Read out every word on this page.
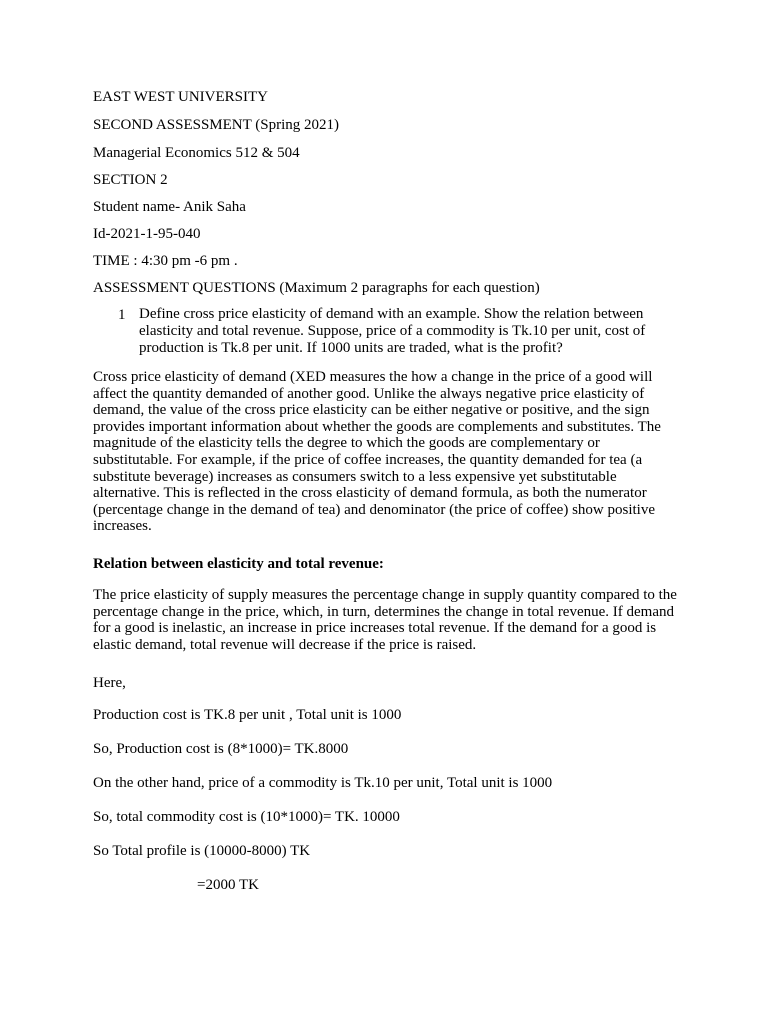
EAST WEST UNIVERSITY
SECOND ASSESSMENT (Spring 2021)
Managerial Economics 512 & 504
SECTION 2
Student name- Anik Saha
Id-2021-1-95-040
TIME : 4:30 pm -6 pm .
ASSESSMENT QUESTIONS (Maximum 2 paragraphs for each question)
1 Define cross price elasticity of demand with an example. Show the relation between elasticity and total revenue. Suppose, price of a commodity is Tk.10 per unit, cost of production is Tk.8 per unit. If 1000 units are traded, what is the profit?
Cross price elasticity of demand (XED measures the how a change in the price of a good will affect the quantity demanded of another good. Unlike the always negative price elasticity of demand, the value of the cross price elasticity can be either negative or positive, and the sign provides important information about whether the goods are complements and substitutes. The magnitude of the elasticity tells the degree to which the goods are complementary or substitutable. For example, if the price of coffee increases, the quantity demanded for tea (a substitute beverage) increases as consumers switch to a less expensive yet substitutable alternative. This is reflected in the cross elasticity of demand formula, as both the numerator (percentage change in the demand of tea) and denominator (the price of coffee) show positive increases.
Relation between elasticity and total revenue:
The price elasticity of supply measures the percentage change in supply quantity compared to the percentage change in the price, which, in turn, determines the change in total revenue. If demand for a good is inelastic, an increase in price increases total revenue. If the demand for a good is elastic demand, total revenue will decrease if the price is raised.
Here,
Production cost is TK.8 per unit , Total unit is 1000
So, Production cost is (8*1000)= TK.8000
On the other hand, price of a commodity is Tk.10 per unit, Total unit is 1000
So, total commodity cost is (10*1000)= TK. 10000
So Total profile is (10000-8000) TK
=2000 TK
